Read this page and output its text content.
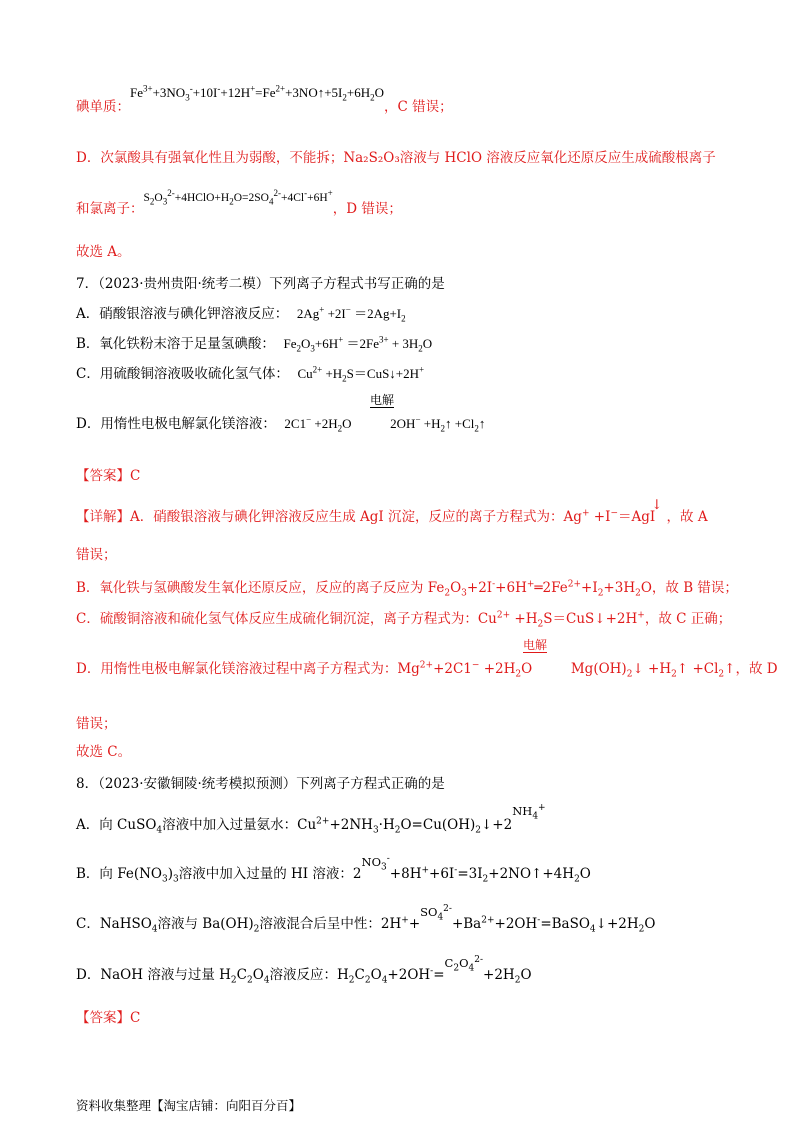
碘单质：$Fe^{3+}+3NO_3^-+10I^-+12H^+=Fe^{2+}+3NO↑+5I_2+6H_2O$，C 错误；
D．次氯酸具有强氧化性且为弱酸，不能拆；Na₂S₂O₃溶液与 HClO 溶液反应氧化还原反应生成硫酸根离子
和氯离子：$S_2O_3^{2-}+4HClO+H_2O=2SO_4^{2-}+4Cl^-+6H^+$，D 错误；
故选 A。
7．（2023·贵州贵阳·统考二模）下列离子方程式书写正确的是
A．硝酸银溶液与碘化钾溶液反应： $2Ag^+ +2I^- =2Ag+I_2$
B．氧化铁粉末溶于足量氢碘酸： $Fe_2O_3+6H^+ =2Fe^{3+} + 3H_2O$
C．用硫酸铜溶液吸收硫化氢气体： $Cu^{2+}$ $+H_2S=CuS↓+2H^+$
电解
D．用惰性电极电解氯化镁溶液： $2C1^- +2H_2O$	$2OH^- +H_2↑$ $+Cl_2↑$
【答案】C
【详解】A．硝酸银溶液与碘化钾溶液反应生成 AgI 沉淀，反应的离子方程式为：Ag+ +I−＝AgI↓，故 A
错误；
B．氧化铁与氢碘酸发生氧化还原反应，反应的离子反应为 $Fe_2O_3+2I^-+6H^+═2Fe^{2+}+I_2+3H_2O$，故 B 错误；
C．硫酸铜溶液和硫化氢气体反应生成硫化铜沉淀，离子方程式为：$Cu^{2+}$ $+H_2S=CuS↓+2H^+$，故 C 正确；
电解
D．用惰性电极电解氯化镁溶液过程中离子方程式为：$Mg^{2+}+2C1^- +2H_2O$	$Mg(OH)_2↓$ $+H_2↑$ $+Cl_2↑$，故 D
错误；
故选 C。
8．（2023·安徽铜陵·统考模拟预测）下列离子方程式正确的是
A．向 CuSO$_4$溶液中加入过量氨水：$Cu^{2+}+2NH_3\cdot H_2O=Cu(OH)_2↓+2NH_4^+$
B．向 $Fe(NO_3)_3$溶液中加入过量的 HI 溶液：$2NO_3^-+8H^++6I^-=3I_2+2NO↑+4H_2O$
C．NaHSO$_4$溶液与 $Ba(OH)_2$溶液混合后呈中性：$2H^++SO_4^{2-}+Ba^{2+}+2OH^-=BaSO_4↓+2H_2O$
D．NaOH 溶液与过量 $H_2C_2O_4$溶液反应：$H_2C_2O_4+2OH^-=C_2O_4^{2-}+2H_2O$
【答案】C
资料收集整理【淘宝店铺：向阳百分百】
